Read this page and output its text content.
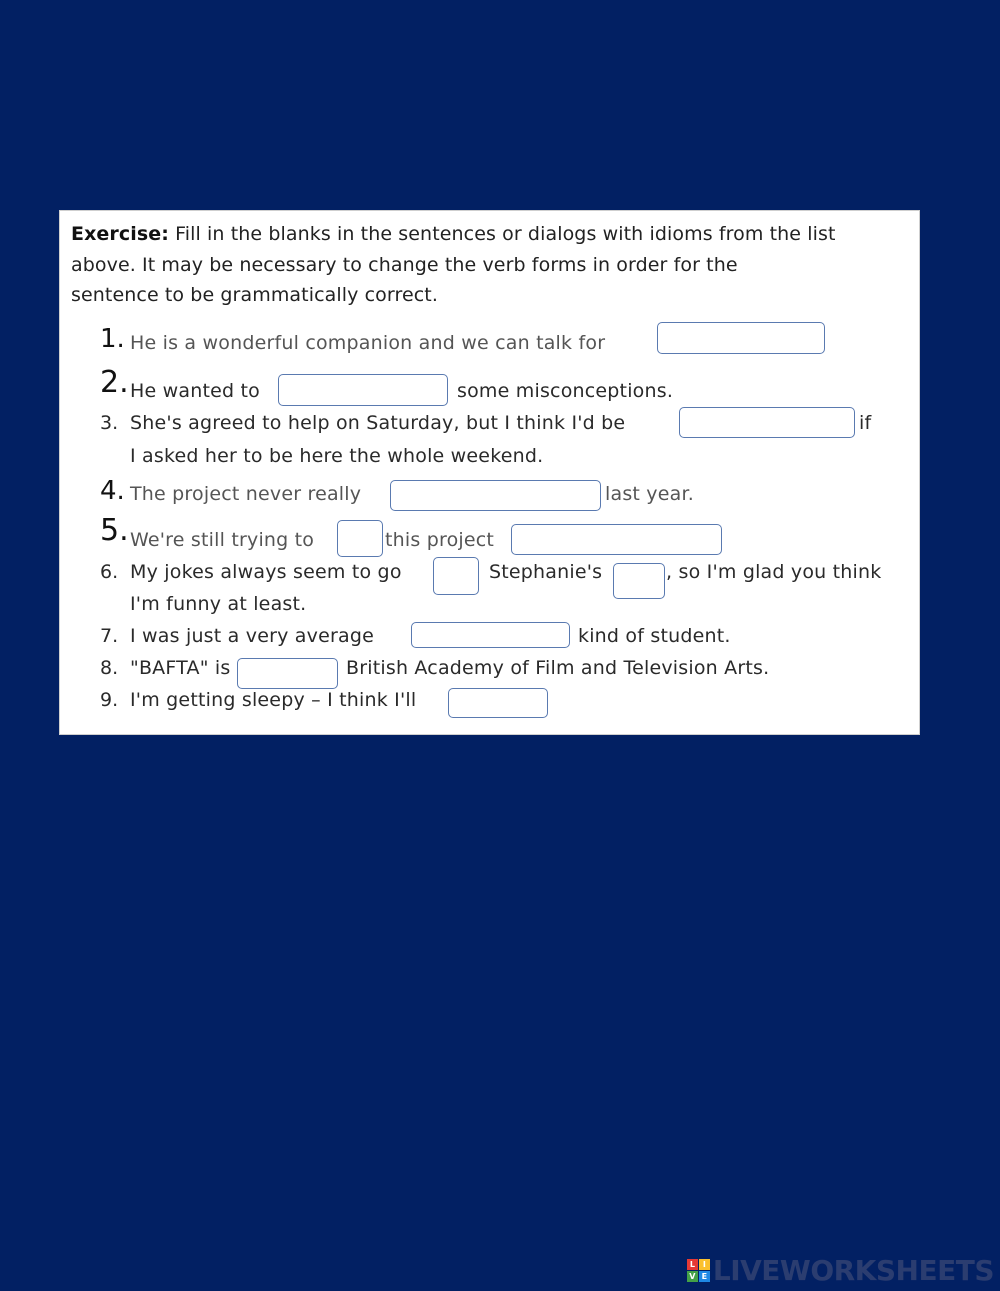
Exercise: Fill in the blanks in the sentences or dialogs with idioms from the list
above. It may be necessary to change the verb forms in order for the
sentence to be grammatically correct.
1. He is a wonderful companion and we can talk for
2. He wanted to	some misconceptions.
3. She's agreed to help on Saturday, but I think I'd be	if
I asked her to be here the whole weekend.
4. The project never really	last year.
5. We're still trying to	this project
6. My jokes always seem to go	Stephanie's	, so I'm glad you think
I'm funny at least.
7. I was just a very average	kind of student.
8. "BAFTA" is	British Academy of Film and Television Arts.
9. I'm getting sleepy – I think I'll
L I
V E LIVEWORKSHEETS
